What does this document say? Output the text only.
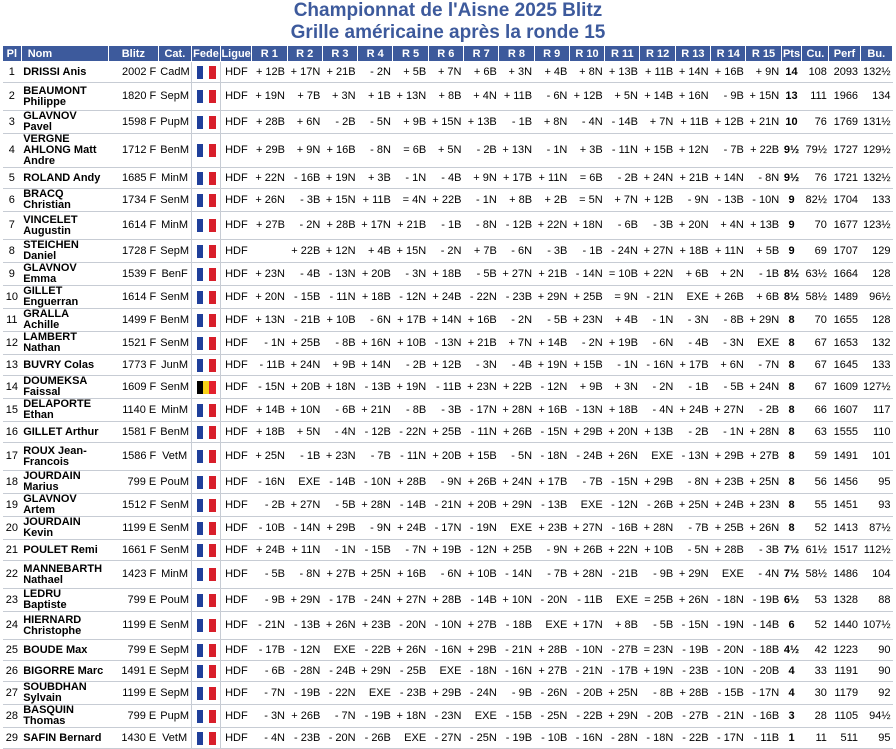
Championnat de l'Aisne 2025 Blitz
Grille américaine après la ronde 15
Pl	Nom	Blitz	Cat.	Fede	Ligue	R 1	R 2	R 3	R 4	R 5	R 6	R 7	R 8	R 9	R 10	R 11	R 12	R 13	R 14	R 15	Pts	Cu.	Perf	Bu.
1	DRISSI Anis	2002 F	CadM		HDF	+ 12B	+ 17N	+ 21B	- 2N	+ 5B	+ 7N	+ 6B	+ 3N	+ 4B	+ 8N	+ 13B	+ 11B	+ 14N	+ 16B	+ 9N	14	108	2093	132½
2	BEAUMONT Philippe	1820 F	SepM		HDF	+ 19N	+ 7B	+ 3N	+ 1B	+ 13N	+ 8B	+ 4N	+ 11B	- 6N	+ 12B	+ 5N	+ 14B	+ 16N	- 9B	+ 15N	13	111	1966	134
3	GLAVNOV Pavel	1598 F	PupM		HDF	+ 28B	+ 6N	- 2B	- 5N	+ 9B	+ 15N	+ 13B	- 1B	+ 8N	- 4N	- 14B	+ 7N	+ 11B	+ 12B	+ 21N	10	76	1769	131½
4	VERGNE AHLONG Matt Andre	1712 F	BenM		HDF	+ 29B	+ 9N	+ 16B	- 8N	= 6B	+ 5N	- 2B	+ 13N	- 1N	+ 3B	- 11N	+ 15B	+ 12N	- 7B	+ 22B	9½	79½	1727	129½
5	ROLAND Andy	1685 F	MinM		HDF	+ 22N	- 16B	+ 19N	+ 3B	- 1N	- 4B	+ 9N	+ 17B	+ 11N	= 6B	- 2B	+ 24N	+ 21B	+ 14N	- 8N	9½	76	1721	132½
6	BRACQ Christian	1734 F	SenM		HDF	+ 26N	- 3B	+ 15N	+ 11B	= 4N	+ 22B	- 1N	+ 8B	+ 2B	= 5N	+ 7N	+ 12B	- 9N	- 13B	- 10N	9	82½	1704	133
7	VINCELET Augustin	1614 F	MinM		HDF	+ 27B	- 2N	+ 28B	+ 17N	+ 21B	- 1B	- 8N	- 12B	+ 22N	+ 18N	- 6B	- 3B	+ 20N	+ 4N	+ 13B	9	70	1677	123½
8	STEICHEN Daniel	1728 F	SepM		HDF		+ 22B	+ 12N	+ 4B	+ 15N	- 2N	+ 7B	- 6N	- 3B	- 1B	- 24N	+ 27N	+ 18B	+ 11N	+ 5B	9	69	1707	129
9	GLAVNOV Emma	1539 F	BenF		HDF	+ 23N	- 4B	- 13N	+ 20B	- 3N	+ 18B	- 5B	+ 27N	+ 21B	- 14N	= 10B	+ 22N	+ 6B	+ 2N	- 1B	8½	63½	1664	128
10	GILLET Enguerran	1614 F	SenM		HDF	+ 20N	- 15B	- 11N	+ 18B	- 12N	+ 24B	- 22N	- 23B	+ 29N	+ 25B	= 9N	- 21N	EXE	+ 26B	+ 6B	8½	58½	1489	96½
11	GRALLA Achille	1499 F	BenM		HDF	+ 13N	- 21B	+ 10B	- 6N	+ 17B	+ 14N	+ 16B	- 2N	- 5B	+ 23N	+ 4B	- 1N	- 3N	- 8B	+ 29N	8	70	1655	128
12	LAMBERT Nathan	1521 F	SenM		HDF	- 1N	+ 25B	- 8B	+ 16N	+ 10B	- 13N	+ 21B	+ 7N	+ 14B	- 2N	+ 19B	- 6N	- 4B	- 3N	EXE	8	67	1653	132
13	BUVRY Colas	1773 F	JunM		HDF	- 11B	+ 24N	+ 9B	+ 14N	- 2B	+ 12B	- 3N	- 4B	+ 19N	+ 15B	- 1N	- 16N	+ 17B	+ 6N	- 7N	8	67	1645	133
14	DOUMEKSA Faissal	1609 F	SenM		HDF	- 15N	+ 20B	+ 18N	- 13B	+ 19N	- 11B	+ 23N	+ 22B	- 12N	+ 9B	+ 3N	- 2N	- 1B	- 5B	+ 24N	8	67	1609	127½
15	DELAPORTE Ethan	1140 E	MinM		HDF	+ 14B	+ 10N	- 6B	+ 21N	- 8B	- 3B	- 17N	+ 28N	+ 16B	- 13N	+ 18B	- 4N	+ 24B	+ 27N	- 2B	8	66	1607	117
16	GILLET Arthur	1581 F	BenM		HDF	+ 18B	+ 5N	- 4N	- 12B	- 22N	+ 25B	- 11N	+ 26B	- 15N	+ 29B	+ 20N	+ 13B	- 2B	- 1N	+ 28N	8	63	1555	110
17	ROUX Jean-Francois	1586 F	VetM		HDF	+ 25N	- 1B	+ 23N	- 7B	- 11N	+ 20B	+ 15B	- 5N	- 18N	- 24B	+ 26N	EXE	- 13N	+ 29B	+ 27B	8	59	1491	101
18	JOURDAIN Marius	799 E	PouM		HDF	- 16N	EXE	- 14B	- 10N	+ 28B	- 9N	+ 26B	+ 24N	+ 17B	- 7B	- 15N	+ 29B	- 8N	+ 23B	+ 25N	8	56	1456	95
19	GLAVNOV Artem	1512 F	SenM		HDF	- 2B	+ 27N	- 5B	+ 28N	- 14B	- 21N	+ 20B	+ 29N	- 13B	EXE	- 12N	- 26B	+ 25N	+ 24B	+ 23N	8	55	1451	93
20	JOURDAIN Kevin	1199 E	SenM		HDF	- 10B	- 14N	+ 29B	- 9N	+ 24B	- 17N	- 19N	EXE	+ 23B	+ 27N	- 16B	+ 28N	- 7B	+ 25B	+ 26N	8	52	1413	87½
21	POULET Remi	1661 F	SenM		HDF	+ 24B	+ 11N	- 1N	- 15B	- 7N	+ 19B	- 12N	+ 25B	- 9N	+ 26B	+ 22N	+ 10B	- 5N	+ 28B	- 3B	7½	61½	1517	112½
22	MANNEBARTH Nathael	1423 F	MinM		HDF	- 5B	- 8N	+ 27B	+ 25N	+ 16B	- 6N	+ 10B	- 14N	- 7B	+ 28N	- 21B	- 9B	+ 29N	EXE	- 4N	7½	58½	1486	104
23	LEDRU Baptiste	799 E	PouM		HDF	- 9B	+ 29N	- 17B	- 24N	+ 27N	+ 28B	- 14B	+ 10N	- 20N	- 11B	EXE	= 25B	+ 26N	- 18N	- 19B	6½	53	1328	88
24	HIERNARD Christophe	1199 E	SenM		HDF	- 21N	- 13B	+ 26N	+ 23B	- 20N	- 10N	+ 27B	- 18B	EXE	+ 17N	+ 8B	- 5B	- 15N	- 19N	- 14B	6	52	1440	107½
25	BOUDE Max	799 E	SepM		HDF	- 17B	- 12N	EXE	- 22B	+ 26N	- 16N	+ 29B	- 21N	+ 28B	- 10N	- 27B	= 23N	- 19B	- 20N	- 18B	4½	42	1223	90
26	BIGORRE Marc	1491 E	SepM		HDF	- 6B	- 28N	- 24B	+ 29N	- 25B	EXE	- 18N	- 16N	+ 27B	- 21N	- 17B	+ 19N	- 23B	- 10N	- 20B	4	33	1191	90
27	SOUBDHAN Sylvain	1199 E	SepM		HDF	- 7N	- 19B	- 22N	EXE	- 23B	+ 29B	- 24N	- 9B	- 26N	- 20B	+ 25N	- 8B	+ 28B	- 15B	- 17N	4	30	1179	92
28	BASQUIN Thomas	799 E	PupM		HDF	- 3N	+ 26B	- 7N	- 19B	+ 18N	- 23N	EXE	- 15B	- 25N	- 22B	+ 29N	- 20B	- 27B	- 21N	- 16B	3	28	1105	94½
29	SAFIN Bernard	1430 E	VetM		HDF	- 4N	- 23B	- 20N	- 26B	EXE	- 27N	- 25N	- 19B	- 10B	- 16N	- 28N	- 18N	- 22B	- 17N	- 11B	1	11	511	95
